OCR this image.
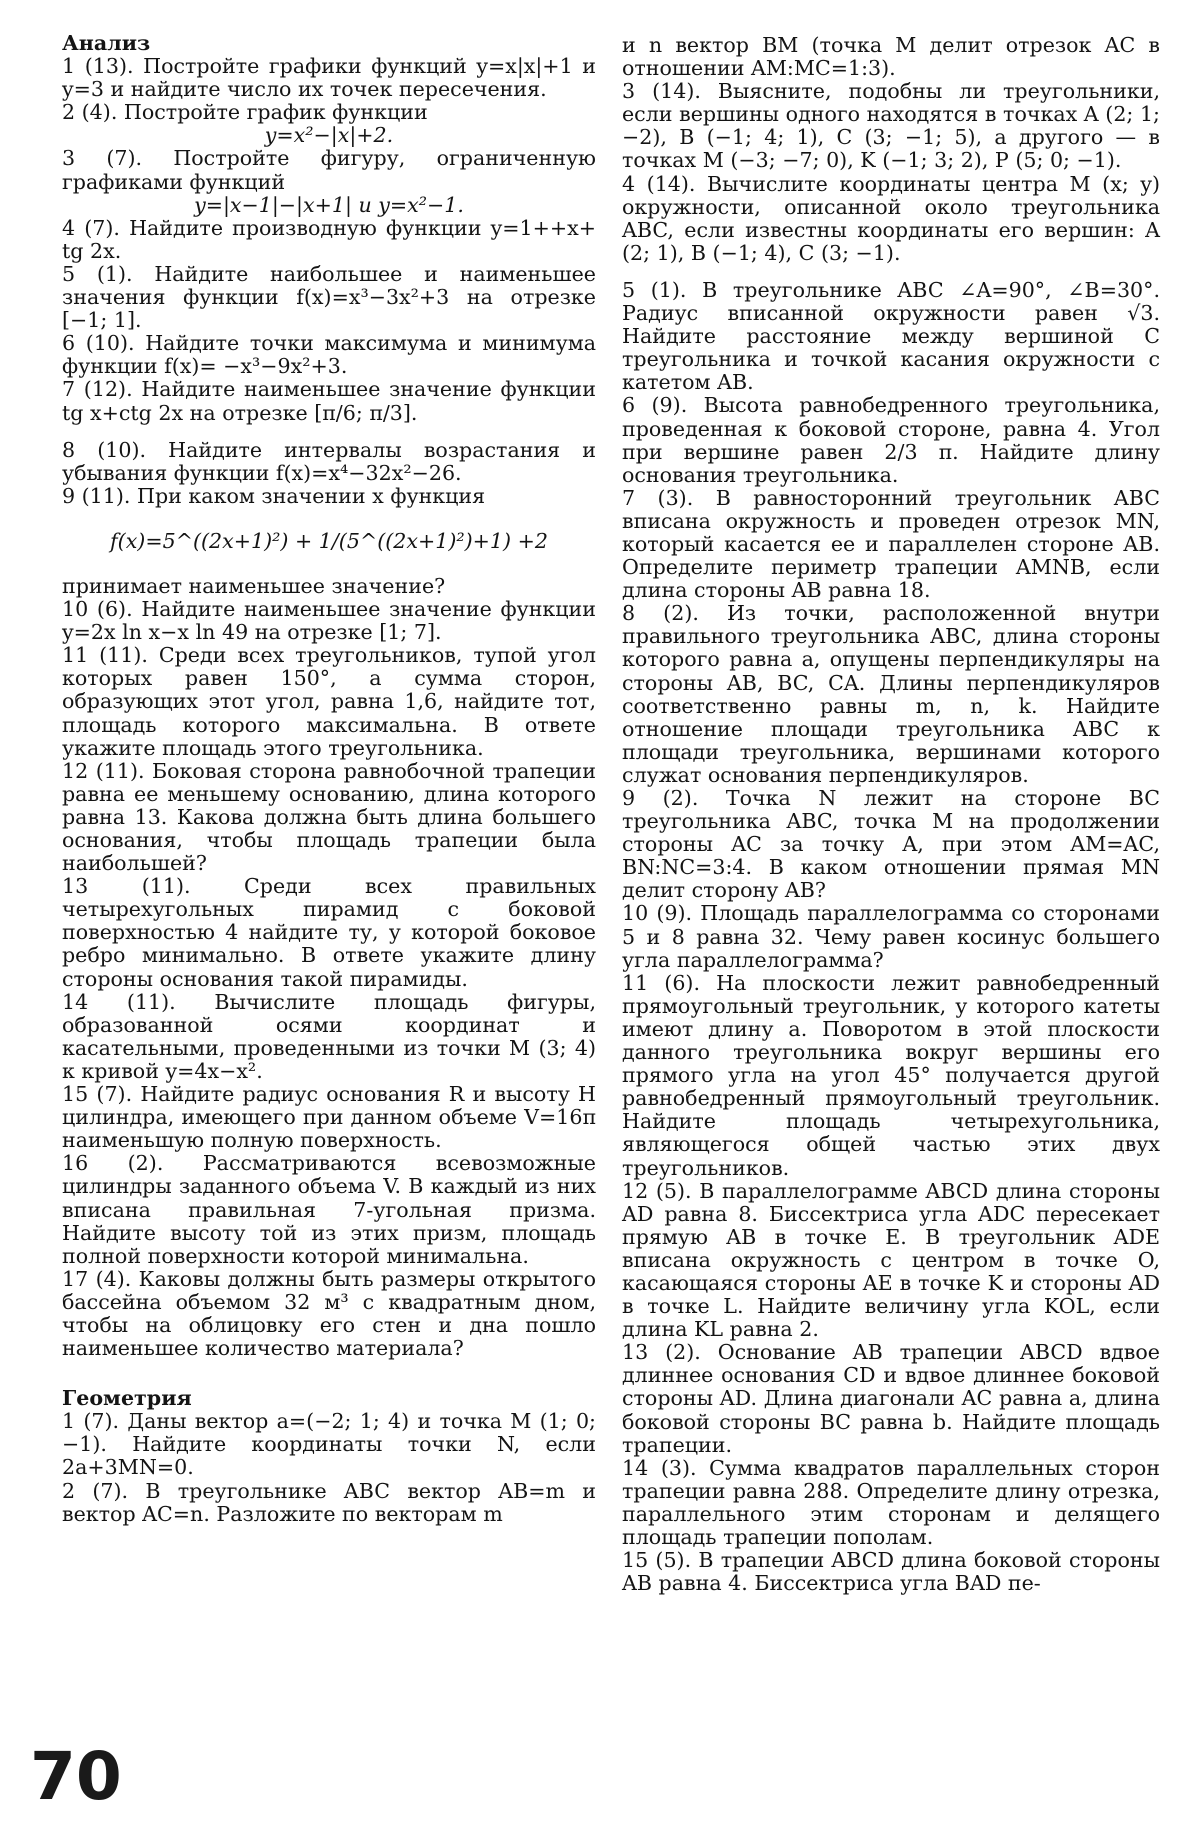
Анализ

1 (13). Постройте графики функций y=x|x|+1 и y=3 и найдите число их точек пересечения.

2 (4). Постройте график функции

y=x²−|x|+2.

3 (7). Постройте фигуру, ограниченную графиками функций

y=|x−1|−|x+1| и y=x²−1.

4 (7). Найдите производную функции y=1++x+ tg 2x.

5 (1). Найдите наибольшее и наименьшее значения функции f(x)=x³−3x²+3 на отрезке [−1; 1].

6 (10). Найдите точки максимума и минимума функции f(x)= −x³−9x²+3.

7 (12). Найдите наименьшее значение функции tg x+ctg 2x на отрезке [π/6; π/3].

8 (10). Найдите интервалы возрастания и убывания функции f(x)=x⁴−32x²−26.

9 (11). При каком значении x функция

f(x)=5^((2x+1)²) + 1/(5^((2x+1)²)+1) +2

принимает наименьшее значение?

10 (6). Найдите наименьшее значение функции y=2x ln x−x ln 49 на отрезке [1; 7].

11 (11). Среди всех треугольников, тупой угол которых равен 150°, а сумма сторон, образующих этот угол, равна 1,6, найдите тот, площадь которого максимальна. В ответе укажите площадь этого треугольника.

12 (11). Боковая сторона равнобочной трапеции равна ее меньшему основанию, длина которого равна 13. Какова должна быть длина большего основания, чтобы площадь трапеции была наибольшей?

13 (11). Среди всех правильных четырехугольных пирамид с боковой поверхностью 4 найдите ту, у которой боковое ребро минимально. В ответе укажите длину стороны основания такой пирамиды.

14 (11). Вычислите площадь фигуры, образованной осями координат и касательными, проведенными из точки M (3; 4) к кривой y=4x−x².

15 (7). Найдите радиус основания R и высоту H цилиндра, имеющего при данном объеме V=16π наименьшую полную поверхность.

16 (2). Рассматриваются всевозможные цилиндры заданного объема V. В каждый из них вписана правильная 7-угольная призма. Найдите высоту той из этих призм, площадь полной поверхности которой минимальна.

17 (4). Каковы должны быть размеры открытого бассейна объемом 32 м³ с квадратным дном, чтобы на облицовку его стен и дна пошло наименьшее количество материала?

Геометрия

1 (7). Даны вектор a=(−2; 1; 4) и точка M (1; 0; −1). Найдите координаты точки N, если 2a+3MN=0.

2 (7). В треугольнике ABC вектор AB=m и вектор AC=n. Разложите по векторам m

и n вектор BM (точка M делит отрезок AC в отношении AM:MC=1:3).

3 (14). Выясните, подобны ли треугольники, если вершины одного находятся в точках A (2; 1; −2), B (−1; 4; 1), C (3; −1; 5), а другого — в точках M (−3; −7; 0), K (−1; 3; 2), P (5; 0; −1).

4 (14). Вычислите координаты центра M (x; y) окружности, описанной около треугольника ABC, если известны координаты его вершин: A (2; 1), B (−1; 4), C (3; −1).

5 (1). В треугольнике ABC ∠A=90°, ∠B=30°. Радиус вписанной окружности равен √3. Найдите расстояние между вершиной C треугольника и точкой касания окружности с катетом AB.

6 (9). Высота равнобедренного треугольника, проведенная к боковой стороне, равна 4. Угол при вершине равен 2/3 π. Найдите длину основания треугольника.

7 (3). В равносторонний треугольник ABC вписана окружность и проведен отрезок MN, который касается ее и параллелен стороне AB. Определите периметр трапеции AMNB, если длина стороны AB равна 18.

8 (2). Из точки, расположенной внутри правильного треугольника ABC, длина стороны которого равна a, опущены перпендикуляры на стороны AB, BC, CA. Длины перпендикуляров соответственно равны m, n, k. Найдите отношение площади треугольника ABC к площади треугольника, вершинами которого служат основания перпендикуляров.

9 (2). Точка N лежит на стороне BC треугольника ABC, точка M на продолжении стороны AC за точку A, при этом AM=AC, BN:NC=3:4. В каком отношении прямая MN делит сторону AB?

10 (9). Площадь параллелограмма со сторонами 5 и 8 равна 32. Чему равен косинус большего угла параллелограмма?

11 (6). На плоскости лежит равнобедренный прямоугольный треугольник, у которого катеты имеют длину a. Поворотом в этой плоскости данного треугольника вокруг вершины его прямого угла на угол 45° получается другой равнобедренный прямоугольный треугольник. Найдите площадь четырехугольника, являющегося общей частью этих двух треугольников.

12 (5). В параллелограмме ABCD длина стороны AD равна 8. Биссектриса угла ADC пересекает прямую AB в точке E. В треугольник ADE вписана окружность с центром в точке O, касающаяся стороны AE в точке K и стороны AD в точке L. Найдите величину угла KOL, если длина KL равна 2.

13 (2). Основание AB трапеции ABCD вдвое длиннее основания CD и вдвое длиннее боковой стороны AD. Длина диагонали AC равна a, длина боковой стороны BC равна b. Найдите площадь трапеции.

14 (3). Сумма квадратов параллельных сторон трапеции равна 288. Определите длину отрезка, параллельного этим сторонам и делящего площадь трапеции пополам.

15 (5). В трапеции ABCD длина боковой стороны AB равна 4. Биссектриса угла BAD пе-

70
